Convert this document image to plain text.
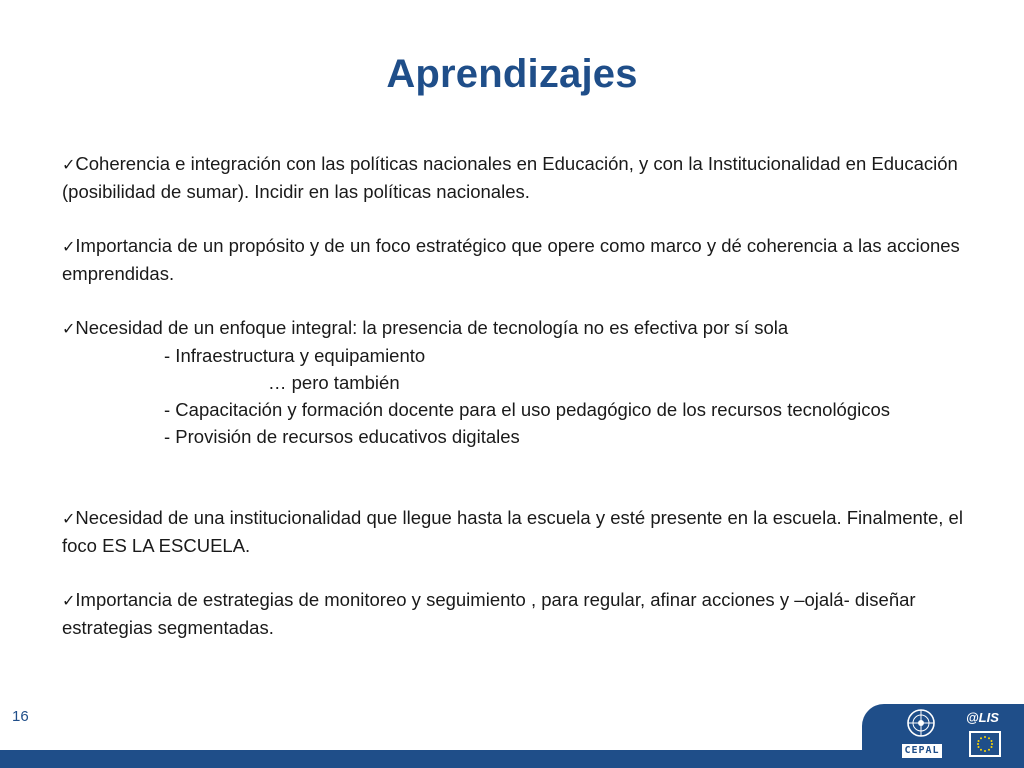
Aprendizajes

✓Coherencia e integración con las políticas nacionales en Educación, y con la Institucionalidad en Educación (posibilidad de sumar). Incidir en las políticas nacionales.

✓Importancia de un propósito y de un foco estratégico que opere como marco y dé coherencia a las acciones emprendidas.

✓Necesidad de un enfoque integral: la presencia de tecnología no es efectiva por sí sola

- Infraestructura y equipamiento

… pero también

- Capacitación y formación docente para el uso pedagógico de los recursos tecnológicos

- Provisión de recursos educativos digitales

✓Necesidad de una institucionalidad que llegue hasta la escuela y esté presente en la escuela. Finalmente, el foco ES LA ESCUELA.

✓Importancia de estrategias de monitoreo y seguimiento , para regular, afinar acciones y –ojalá- diseñar estrategias segmentadas.

16
CEPAL
@LIS
